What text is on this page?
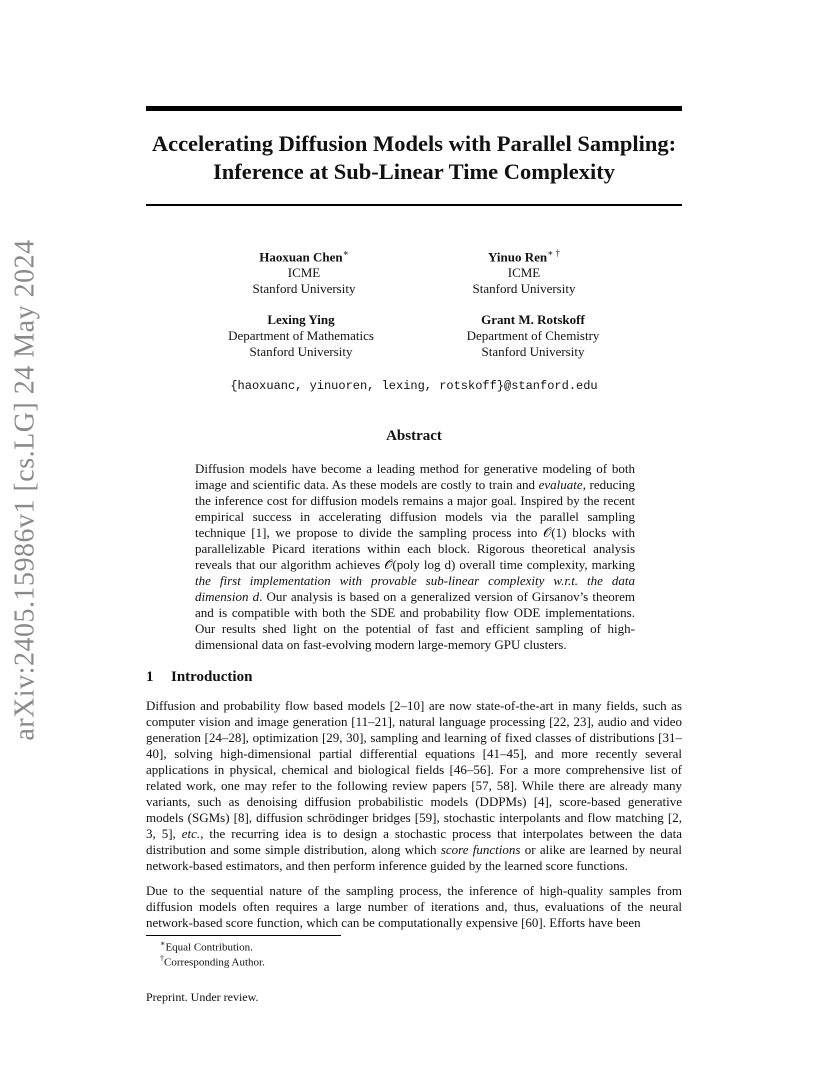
arXiv:2405.15986v1 [cs.LG] 24 May 2024
Accelerating Diffusion Models with Parallel Sampling:
Inference at Sub-Linear Time Complexity
Haoxuan Chen∗
ICME
Stanford University
Yinuo Ren∗ †
ICME
Stanford University
Lexing Ying
Department of Mathematics
Stanford University
Grant M. Rotskoff
Department of Chemistry
Stanford University
{haoxuanc, yinuoren, lexing, rotskoff}@stanford.edu
Abstract
Diffusion models have become a leading method for generative modeling of both image and scientific data. As these models are costly to train and evaluate, reducing the inference cost for diffusion models remains a major goal. Inspired by the recent empirical success in accelerating diffusion models via the parallel sampling technique [1], we propose to divide the sampling process into 𝒪(1) blocks with parallelizable Picard iterations within each block. Rigorous theoretical analysis reveals that our algorithm achieves 𝒪̃(poly log d) overall time complexity, marking the first implementation with provable sub-linear complexity w.r.t. the data dimension d. Our analysis is based on a generalized version of Girsanov’s theorem and is compatible with both the SDE and probability flow ODE implementations. Our results shed light on the potential of fast and efficient sampling of high-dimensional data on fast-evolving modern large-memory GPU clusters.
1 Introduction
Diffusion and probability flow based models [2–10] are now state-of-the-art in many fields, such as computer vision and image generation [11–21], natural language processing [22, 23], audio and video generation [24–28], optimization [29, 30], sampling and learning of fixed classes of distributions [31–40], solving high-dimensional partial differential equations [41–45], and more recently several applications in physical, chemical and biological fields [46–56]. For a more comprehensive list of related work, one may refer to the following review papers [57, 58]. While there are already many variants, such as denoising diffusion probabilistic models (DDPMs) [4], score-based generative models (SGMs) [8], diffusion schrödinger bridges [59], stochastic interpolants and flow matching [2, 3, 5], etc., the recurring idea is to design a stochastic process that interpolates between the data distribution and some simple distribution, along which score functions or alike are learned by neural network-based estimators, and then perform inference guided by the learned score functions.
Due to the sequential nature of the sampling process, the inference of high-quality samples from diffusion models often requires a large number of iterations and, thus, evaluations of the neural network-based score function, which can be computationally expensive [60]. Efforts have been
∗Equal Contribution.
†Corresponding Author.
Preprint. Under review.
